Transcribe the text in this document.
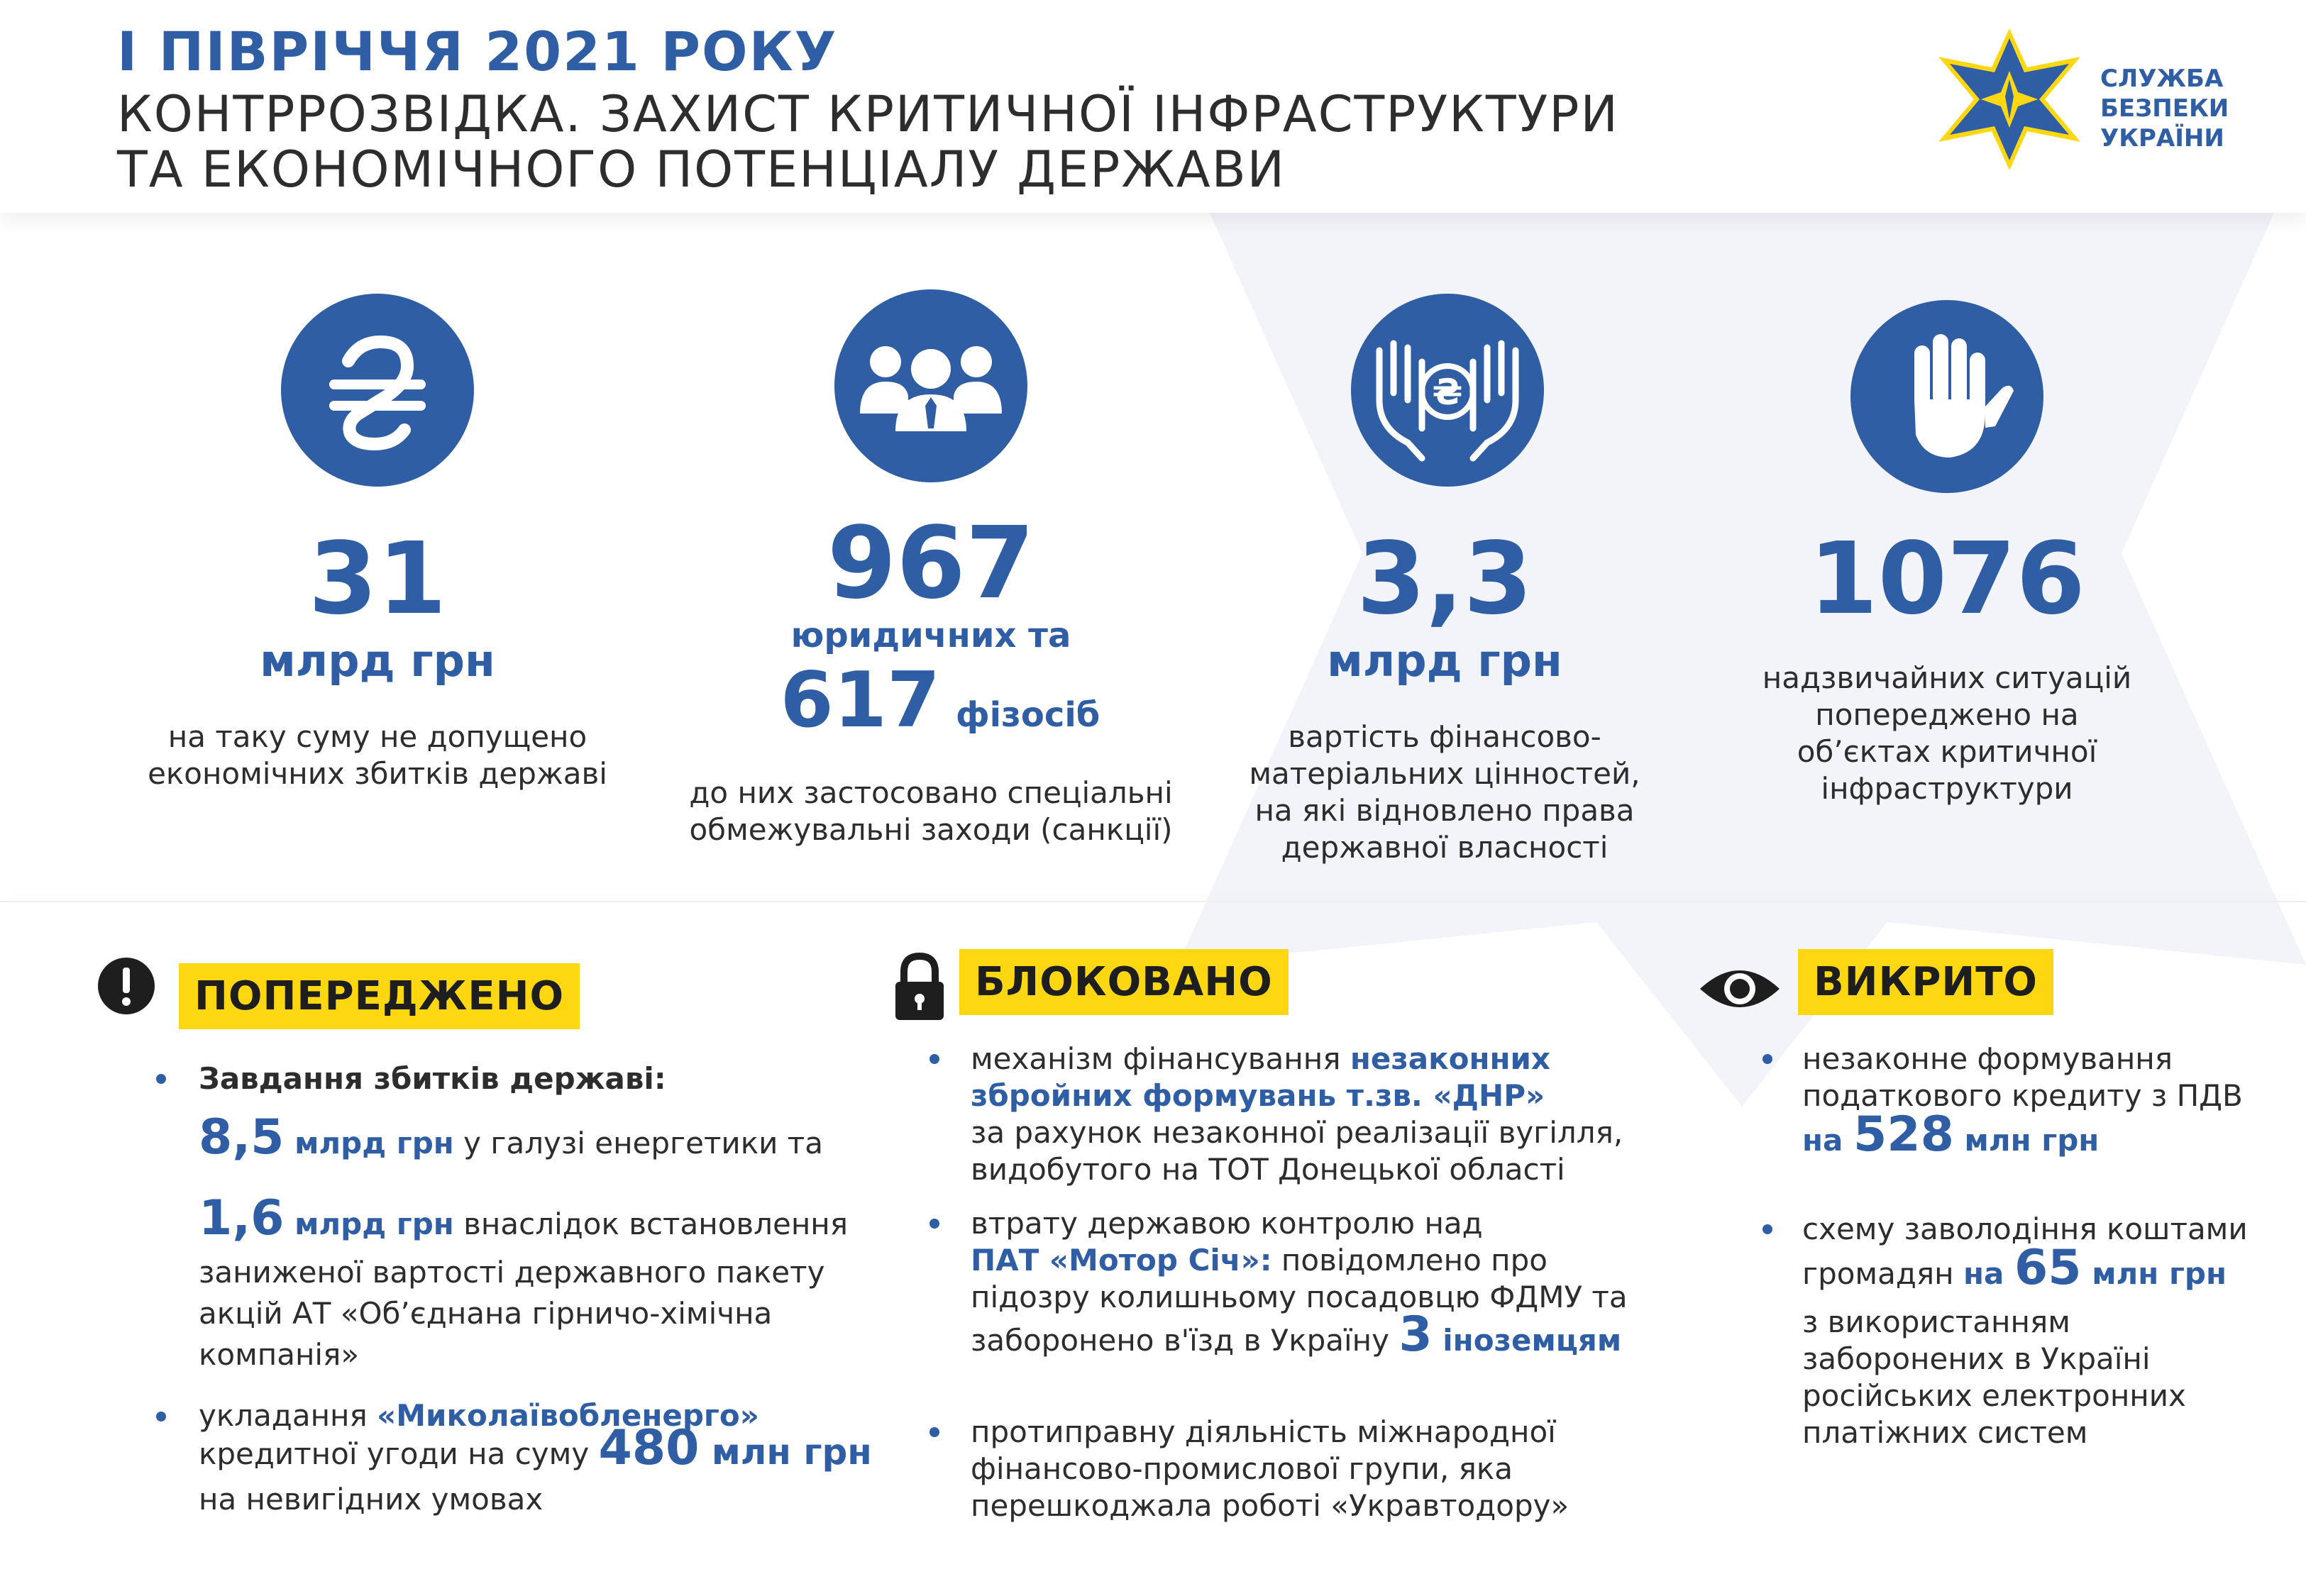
І ПІВРІЧЧЯ 2021 РОКУ
КОНТРРОЗВІДКА. ЗАХИСТ КРИТИЧНОЇ ІНФРАСТРУКТУРИ
ТА ЕКОНОМІЧНОГО ПОТЕНЦІАЛУ ДЕРЖАВИ
СЛУЖБА
БЕЗПЕКИ
УКРАЇНИ
31
млрд грн
на таку суму не допущено
економічних збитків державі
967
юридичних та
617 фізосіб
до них застосовано спеціальні
обмежувальні заходи (санкції)
₴
3,3
млрд грн
вартість фінансово-
матеріальних цінностей,
на які відновлено права
державної власності
1076
надзвичайних ситуацій
попереджено на
об’єктах критичної
інфраструктури
ПОПЕРЕДЖЕНО
Завдання збитків державі:
8,5 млрд грн у галузі енергетики та
1,6 млрд грн внаслідок встановлення
заниженої вартості державного пакету
акцій АТ «Об’єднана гірничо-хімічна
компанія»
укладання «Миколаївобленерго»
кредитної угоди на суму 480 млн грн
на невигідних умовах
БЛОКОВАНО
механізм фінансування незаконних
збройних формувань т.зв. «ДНР»
за рахунок незаконної реалізації вугілля,
видобутого на ТОТ Донецької області
втрату державою контролю над
ПАТ «Мотор Січ»: повідомлено про
підозру колишньому посадовцю ФДМУ та
заборонено в'їзд в Україну 3 іноземцям
протиправну діяльність міжнародної
фінансово-промислової групи, яка
перешкоджала роботі «Укравтодору»
ВИКРИТО
незаконне формування
податкового кредиту з ПДВ
на 528 млн грн
схему заволодіння коштами
громадян на 65 млн грн
з використанням
заборонених в Україні
російських електронних
платіжних систем
